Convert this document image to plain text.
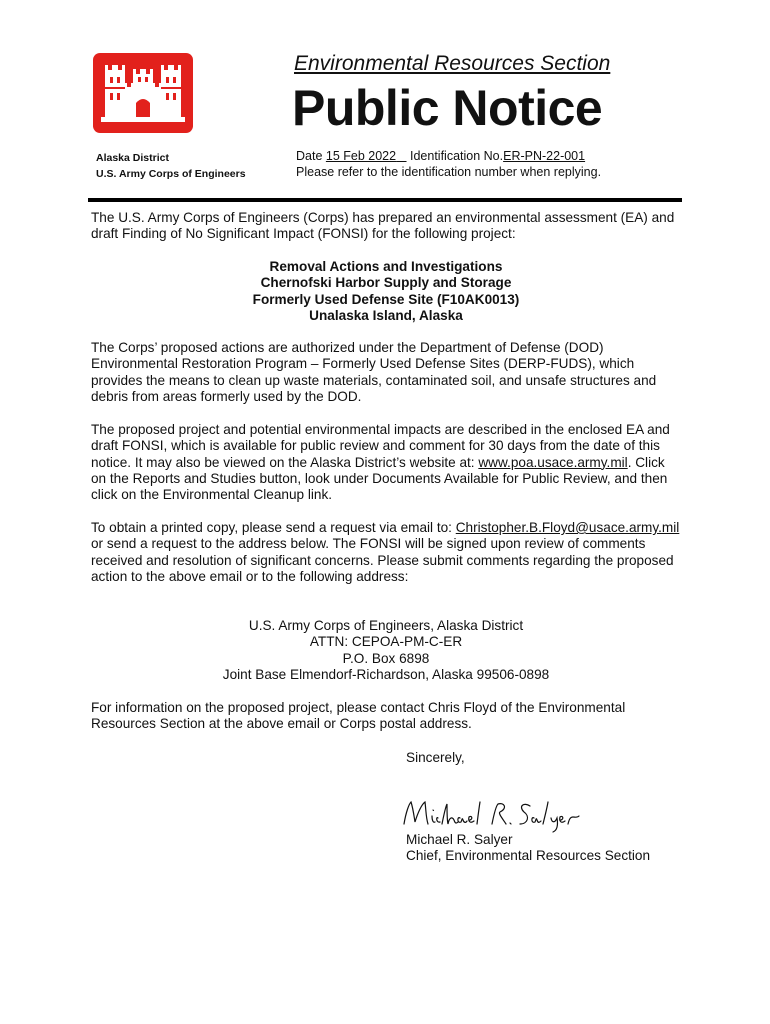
Environmental Resources Section
Public Notice
Alaska District
U.S. Army Corps of Engineers
Date 15 Feb 2022 Identification No.ER-PN-22-001
Please refer to the identification number when replying.

The U.S. Army Corps of Engineers (Corps) has prepared an environmental assessment (EA) and draft Finding of No Significant Impact (FONSI) for the following project:

Removal Actions and Investigations

Chernofski Harbor Supply and Storage

Formerly Used Defense Site (F10AK0013)

Unalaska Island, Alaska

The Corps’ proposed actions are authorized under the Department of Defense (DOD) Environmental Restoration Program – Formerly Used Defense Sites (DERP-FUDS), which provides the means to clean up waste materials, contaminated soil, and unsafe structures and debris from areas formerly used by the DOD.

The proposed project and potential environmental impacts are described in the enclosed EA and draft FONSI, which is available for public review and comment for 30 days from the date of this notice. It may also be viewed on the Alaska District’s website at: www.poa.usace.army.mil. Click on the Reports and Studies button, look under Documents Available for Public Review, and then click on the Environmental Cleanup link.

To obtain a printed copy, please send a request via email to: Christopher.B.Floyd@usace.army.mil or send a request to the address below. The FONSI will be signed upon review of comments received and resolution of significant concerns. Please submit comments regarding the proposed action to the above email or to the following address:

U.S. Army Corps of Engineers, Alaska District

ATTN: CEPOA-PM-C-ER

P.O. Box 6898

Joint Base Elmendorf-Richardson, Alaska 99506-0898

For information on the proposed project, please contact Chris Floyd of the Environmental Resources Section at the above email or Corps postal address.

Sincerely,
Michael R. Salyer
Chief, Environmental Resources Section
